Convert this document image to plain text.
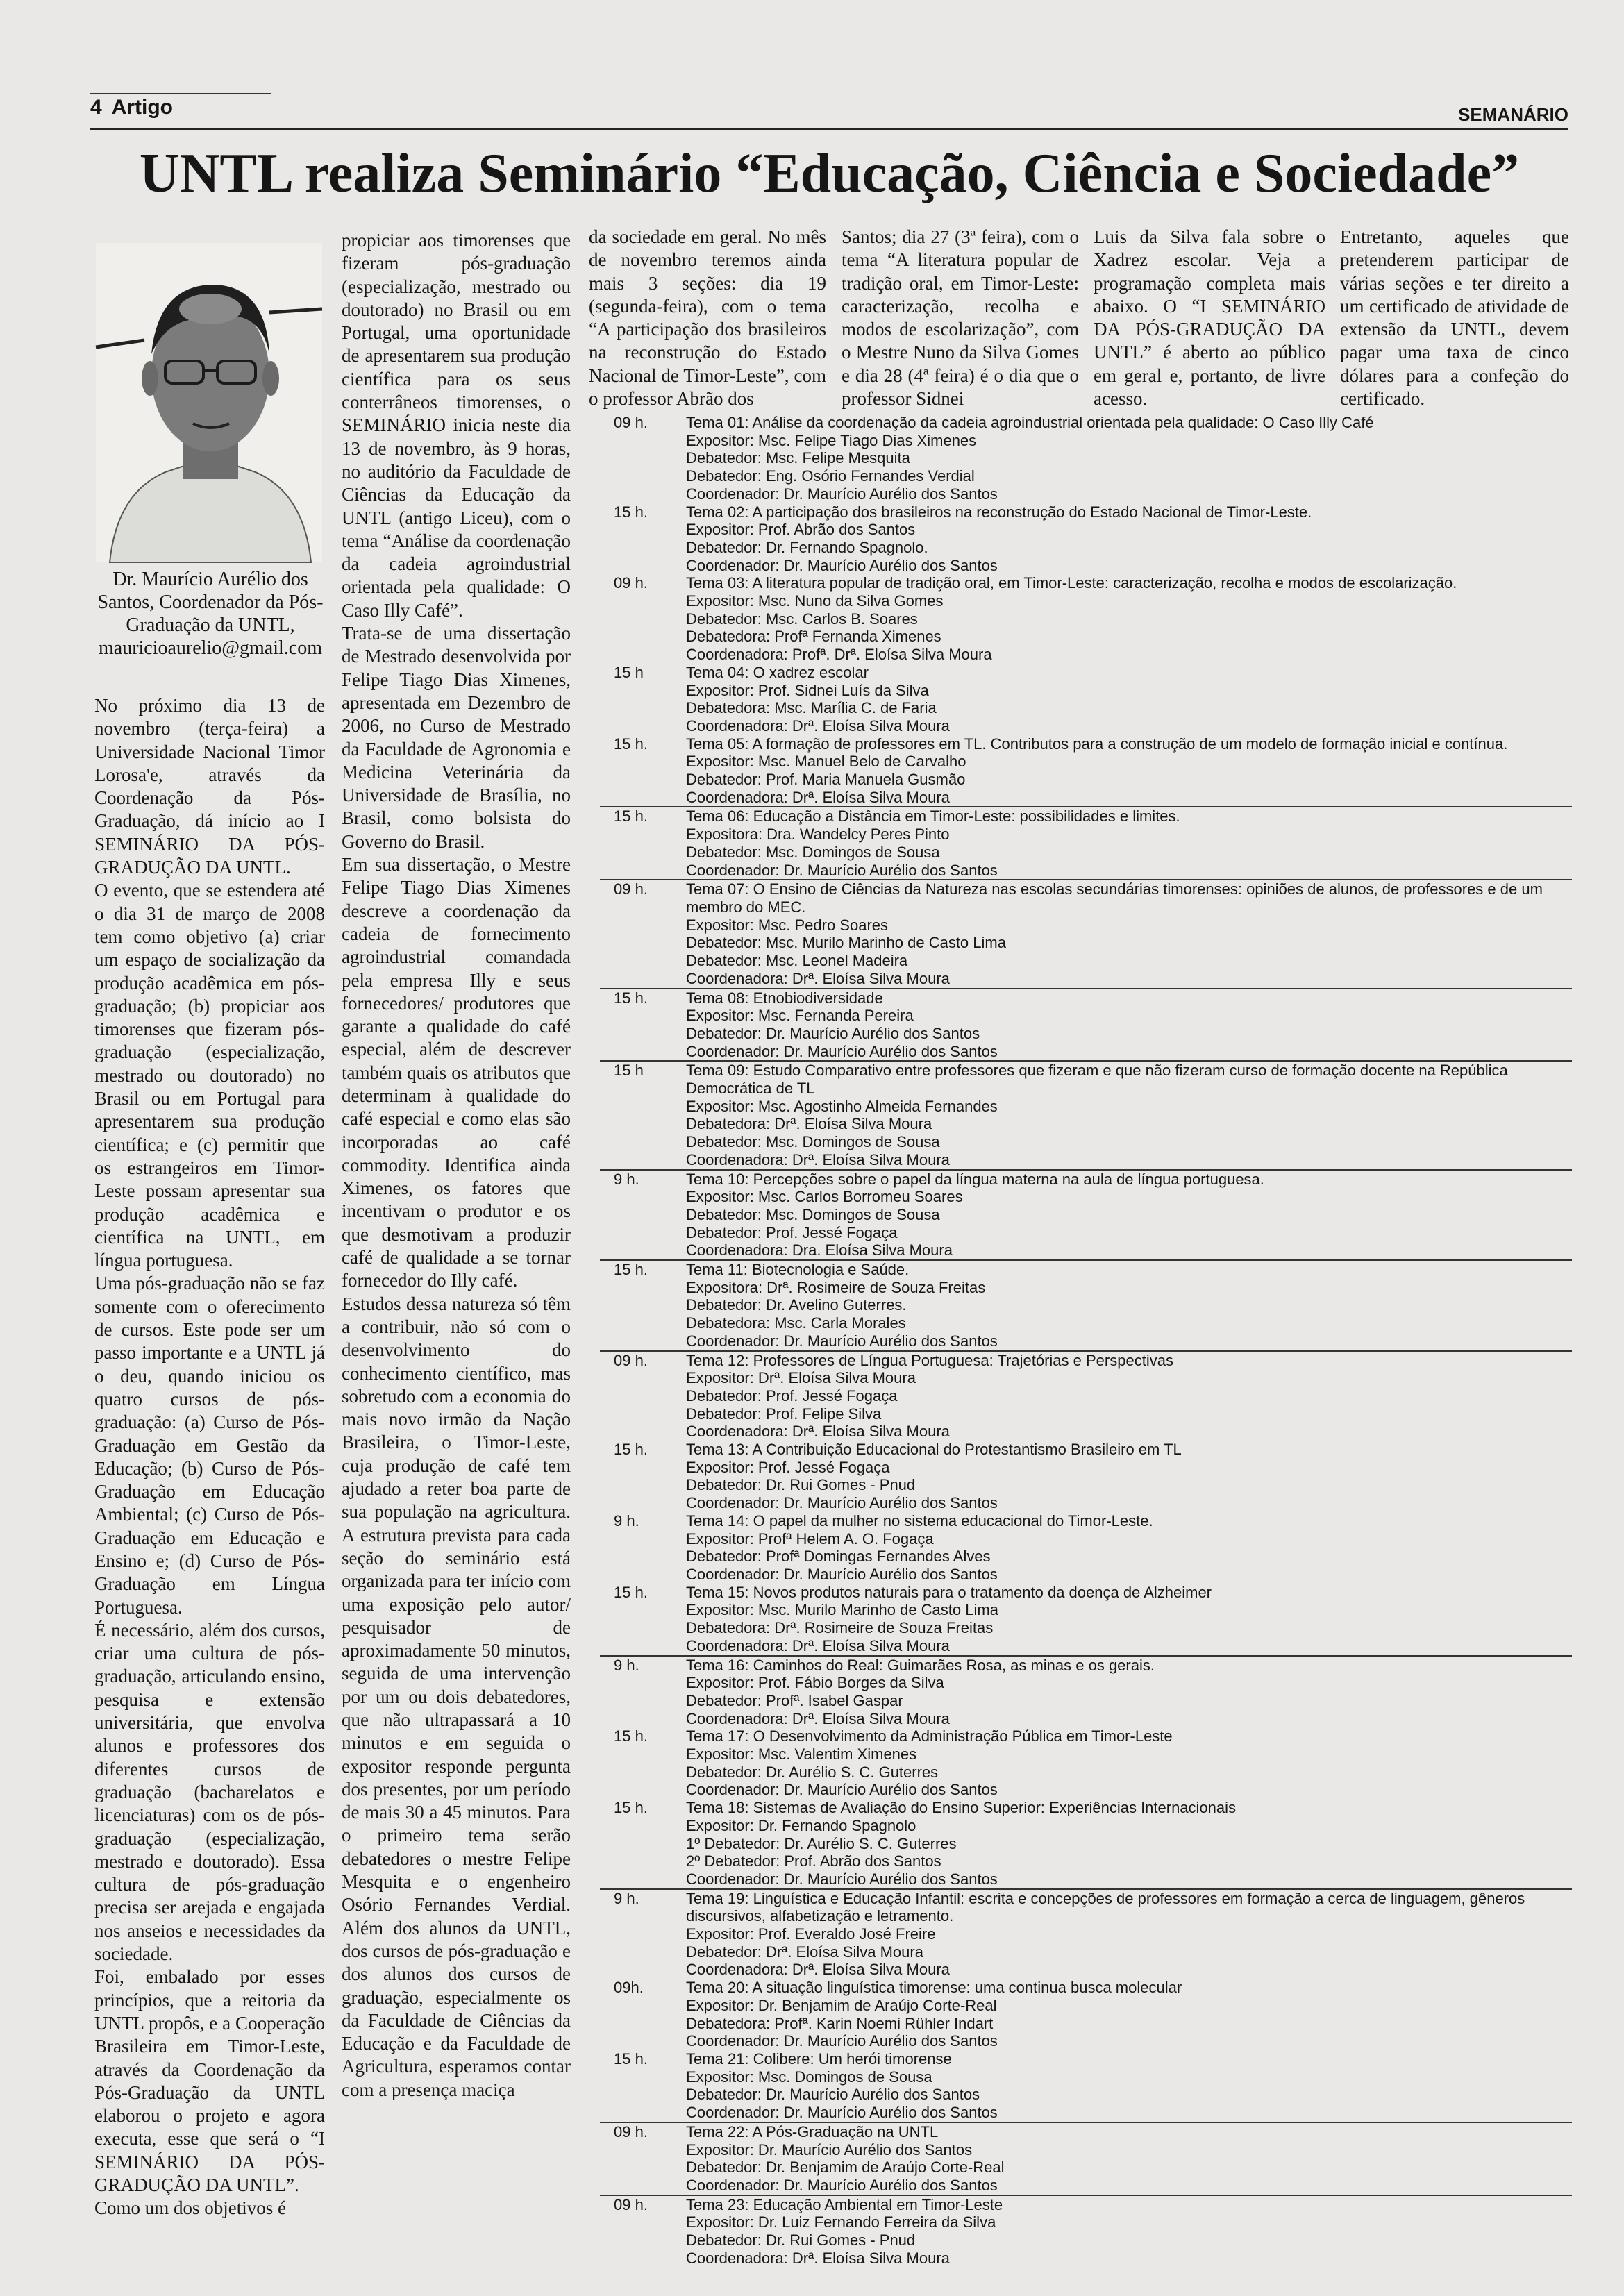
4 Artigo	SEMANÁRIO
UNTL realiza Seminário “Educação, Ciência e Sociedade”
Dr. Maurício Aurélio dos Santos, Coordenador da Pós-Graduação da UNTL,
mauricioaurelio@gmail.com

No próximo dia 13 de novembro (terça-feira) a Universidade Nacional Timor Lorosa'e, através da Coordenação da Pós-Graduação, dá início ao I SEMINÁRIO DA PÓS-GRADUÇÃO DA UNTL.

O evento, que se estendera até o dia 31 de março de 2008 tem como objetivo (a) criar um espaço de socialização da produção acadêmica em pós-graduação; (b) propiciar aos timorenses que fizeram pós-graduação (especialização, mestrado ou doutorado) no Brasil ou em Portugal para apresentarem sua produção científica; e (c) permitir que os estrangeiros em Timor-Leste possam apresentar sua produção acadêmica e científica na UNTL, em língua portuguesa.

Uma pós-graduação não se faz somente com o oferecimento de cursos. Este pode ser um passo importante e a UNTL já o deu, quando iniciou os quatro cursos de pós-graduação: (a) Curso de Pós-Graduação em Gestão da Educação; (b) Curso de Pós-Graduação em Educação Ambiental; (c) Curso de Pós-Graduação em Educação e Ensino e; (d) Curso de Pós-Graduação em Língua Portuguesa.

É necessário, além dos cursos, criar uma cultura de pós-graduação, articulando ensino, pesquisa e extensão universitária, que envolva alunos e professores dos diferentes cursos de graduação (bacharelatos e licenciaturas) com os de pós-graduação (especialização, mestrado e doutorado). Essa cultura de pós-graduação precisa ser arejada e engajada nos anseios e necessidades da sociedade.

Foi, embalado por esses princípios, que a reitoria da UNTL propôs, e a Cooperação Brasileira em Timor-Leste, através da Coordenação da Pós-Graduação da UNTL elaborou o projeto e agora executa, esse que será o “I SEMINÁRIO DA PÓS-GRADUÇÃO DA UNTL”.

Como um dos objetivos é

propiciar aos timorenses que fizeram pós-graduação (especialização, mestrado ou doutorado) no Brasil ou em Portugal, uma oportunidade de apresentarem sua produção científica para os seus conterrâneos timorenses, o SEMINÁRIO inicia neste dia 13 de novembro, às 9 horas, no auditório da Faculdade de Ciências da Educação da UNTL (antigo Liceu), com o tema “Análise da coordenação da cadeia agroindustrial orientada pela qualidade: O Caso Illy Café”.

Trata-se de uma dissertação de Mestrado desenvolvida por Felipe Tiago Dias Ximenes, apresentada em Dezembro de 2006, no Curso de Mestrado da Faculdade de Agronomia e Medicina Veterinária da Universidade de Brasília, no Brasil, como bolsista do Governo do Brasil.

Em sua dissertação, o Mestre Felipe Tiago Dias Ximenes descreve a coordenação da cadeia de fornecimento agroindustrial comandada pela empresa Illy e seus fornecedores/ produtores que garante a qualidade do café especial, além de descrever também quais os atributos que determinam à qualidade do café especial e como elas são incorporadas ao café commodity. Identifica ainda Ximenes, os fatores que incentivam o produtor e os que desmotivam a produzir café de qualidade a se tornar fornecedor do Illy café.

Estudos dessa natureza só têm a contribuir, não só com o desenvolvimento do conhecimento científico, mas sobretudo com a economia do mais novo irmão da Nação Brasileira, o Timor-Leste, cuja produção de café tem ajudado a reter boa parte de sua população na agricultura. A estrutura prevista para cada seção do seminário está organizada para ter início com uma exposição pelo autor/ pesquisador de aproximadamente 50 minutos, seguida de uma intervenção por um ou dois debatedores, que não ultrapassará a 10 minutos e em seguida o expositor responde pergunta dos presentes, por um período de mais 30 a 45 minutos. Para o primeiro tema serão debatedores o mestre Felipe Mesquita e o engenheiro Osório Fernandes Verdial. Além dos alunos da UNTL, dos cursos de pós-graduação e dos alunos dos cursos de graduação, especialmente os da Faculdade de Ciências da Educação e da Faculdade de Agricultura, esperamos contar com a presença maciça

da sociedade em geral. No mês de novembro teremos ainda mais 3 seções: dia 19 (segunda-feira), com o tema “A participação dos brasileiros na reconstrução do Estado Nacional de Timor-Leste”, com o professor Abrão dos
Santos; dia 27 (3ª feira), com o tema “A literatura popular de tradição oral, em Timor-Leste: caracterização, recolha e modos de escolarização”, com o Mestre Nuno da Silva Gomes e dia 28 (4ª feira) é o dia que o professor Sidnei
Luis da Silva fala sobre o Xadrez escolar. Veja a programação completa mais abaixo. O “I SEMINÁRIO DA PÓS-GRADUÇÃO DA UNTL” é aberto ao público em geral e, portanto, de livre acesso.
Entretanto, aqueles que pretenderem participar de várias seções e ter direito a um certificado de atividade de extensão da UNTL, devem pagar uma taxa de cinco dólares para a confeção do certificado.
09 h.	Tema 01: Análise da coordenação da cadeia agroindustrial orientada pela qualidade: O Caso Illy Café
Expositor: Msc. Felipe Tiago Dias Ximenes
Debatedor: Msc. Felipe Mesquita
Debatedor: Eng. Osório Fernandes Verdial
Coordenador: Dr. Maurício Aurélio dos Santos
15 h.	Tema 02: A participação dos brasileiros na reconstrução do Estado Nacional de Timor-Leste.
Expositor: Prof. Abrão dos Santos
Debatedor: Dr. Fernando Spagnolo.
Coordenador: Dr. Maurício Aurélio dos Santos
09 h.	Tema 03: A literatura popular de tradição oral, em Timor-Leste: caracterização, recolha e modos de escolarização.
Expositor: Msc. Nuno da Silva Gomes
Debatedor: Msc. Carlos B. Soares
Debatedora: Profª Fernanda Ximenes
Coordenadora: Profª. Drª. Eloísa Silva Moura
15 h	Tema 04: O xadrez escolar
Expositor: Prof. Sidnei Luís da Silva
Debatedora: Msc. Marília C. de Faria
Coordenadora: Drª. Eloísa Silva Moura
15 h.	Tema 05: A formação de professores em TL. Contributos para a construção de um modelo de formação inicial e contínua.
Expositor: Msc. Manuel Belo de Carvalho
Debatedor: Prof. Maria Manuela Gusmão
Coordenadora: Drª. Eloísa Silva Moura
15 h.	Tema 06: Educação a Distância em Timor-Leste: possibilidades e limites.
Expositora: Dra. Wandelcy Peres Pinto
Debatedor: Msc. Domingos de Sousa
Coordenador: Dr. Maurício Aurélio dos Santos
09 h.	Tema 07: O Ensino de Ciências da Natureza nas escolas secundárias timorenses: opiniões de alunos, de professores e de um membro do MEC.
Expositor: Msc. Pedro Soares
Debatedor: Msc. Murilo Marinho de Casto Lima
Debatedor: Msc. Leonel Madeira
Coordenadora: Drª. Eloísa Silva Moura
15 h.	Tema 08: Etnobiodiversidade
Expositor: Msc. Fernanda Pereira
Debatedor: Dr. Maurício Aurélio dos Santos
Coordenador: Dr. Maurício Aurélio dos Santos
15 h	Tema 09: Estudo Comparativo entre professores que fizeram e que não fizeram curso de formação docente na República Democrática de TL
Expositor: Msc. Agostinho Almeida Fernandes
Debatedora: Drª. Eloísa Silva Moura
Debatedor: Msc. Domingos de Sousa
Coordenadora: Drª. Eloísa Silva Moura
9 h.	Tema 10: Percepções sobre o papel da língua materna na aula de língua portuguesa.
Expositor: Msc. Carlos Borromeu Soares
Debatedor: Msc. Domingos de Sousa
Debatedor: Prof. Jessé Fogaça
Coordenadora: Dra. Eloísa Silva Moura
15 h.	Tema 11: Biotecnologia e Saúde.
Expositora: Drª. Rosimeire de Souza Freitas
Debatedor: Dr. Avelino Guterres.
Debatedora: Msc. Carla Morales
Coordenador: Dr. Maurício Aurélio dos Santos
09 h.	Tema 12: Professores de Língua Portuguesa: Trajetórias e Perspectivas
Expositor: Drª. Eloísa Silva Moura
Debatedor: Prof. Jessé Fogaça
Debatedor: Prof. Felipe Silva
Coordenadora: Drª. Eloísa Silva Moura
15 h.	Tema 13: A Contribuição Educacional do Protestantismo Brasileiro em TL
Expositor: Prof. Jessé Fogaça
Debatedor: Dr. Rui Gomes - Pnud
Coordenador: Dr. Maurício Aurélio dos Santos
9 h.	Tema 14: O papel da mulher no sistema educacional do Timor-Leste.
Expositor: Profª Helem A. O. Fogaça
Debatedor: Profª Domingas Fernandes Alves
Coordenador: Dr. Maurício Aurélio dos Santos
15 h.	Tema 15: Novos produtos naturais para o tratamento da doença de Alzheimer
Expositor: Msc. Murilo Marinho de Casto Lima
Debatedora: Drª. Rosimeire de Souza Freitas
Coordenadora: Drª. Eloísa Silva Moura
9 h.	Tema 16: Caminhos do Real: Guimarães Rosa, as minas e os gerais.
Expositor: Prof. Fábio Borges da Silva
Debatedor: Profª. Isabel Gaspar
Coordenadora: Drª. Eloísa Silva Moura
15 h.	Tema 17: O Desenvolvimento da Administração Pública em Timor-Leste
Expositor: Msc. Valentim Ximenes
Debatedor: Dr. Aurélio S. C. Guterres
Coordenador: Dr. Maurício Aurélio dos Santos
15 h.	Tema 18: Sistemas de Avaliação do Ensino Superior: Experiências Internacionais
Expositor: Dr. Fernando Spagnolo
1º Debatedor: Dr. Aurélio S. C. Guterres
2º Debatedor: Prof. Abrão dos Santos
Coordenador: Dr. Maurício Aurélio dos Santos
9 h.	Tema 19: Linguística e Educação Infantil: escrita e concepções de professores em formação a cerca de linguagem, gêneros discursivos, alfabetização e letramento.
Expositor: Prof. Everaldo José Freire
Debatedor: Drª. Eloísa Silva Moura
Coordenadora: Drª. Eloísa Silva Moura
09h.	Tema 20: A situação linguística timorense: uma continua busca molecular
Expositor: Dr. Benjamim de Araújo Corte-Real
Debatedora: Profª. Karin Noemi Rühler Indart
Coordenador: Dr. Maurício Aurélio dos Santos
15 h.	Tema 21: Colibere: Um herói timorense
Expositor: Msc. Domingos de Sousa
Debatedor: Dr. Maurício Aurélio dos Santos
Coordenador: Dr. Maurício Aurélio dos Santos
09 h.	Tema 22: A Pós-Graduação na UNTL
Expositor: Dr. Maurício Aurélio dos Santos
Debatedor: Dr. Benjamim de Araújo Corte-Real
Coordenador: Dr. Maurício Aurélio dos Santos
09 h.	Tema 23: Educação Ambiental em Timor-Leste
Expositor: Dr. Luiz Fernando Ferreira da Silva
Debatedor: Dr. Rui Gomes - Pnud
Coordenadora: Drª. Eloísa Silva Moura
